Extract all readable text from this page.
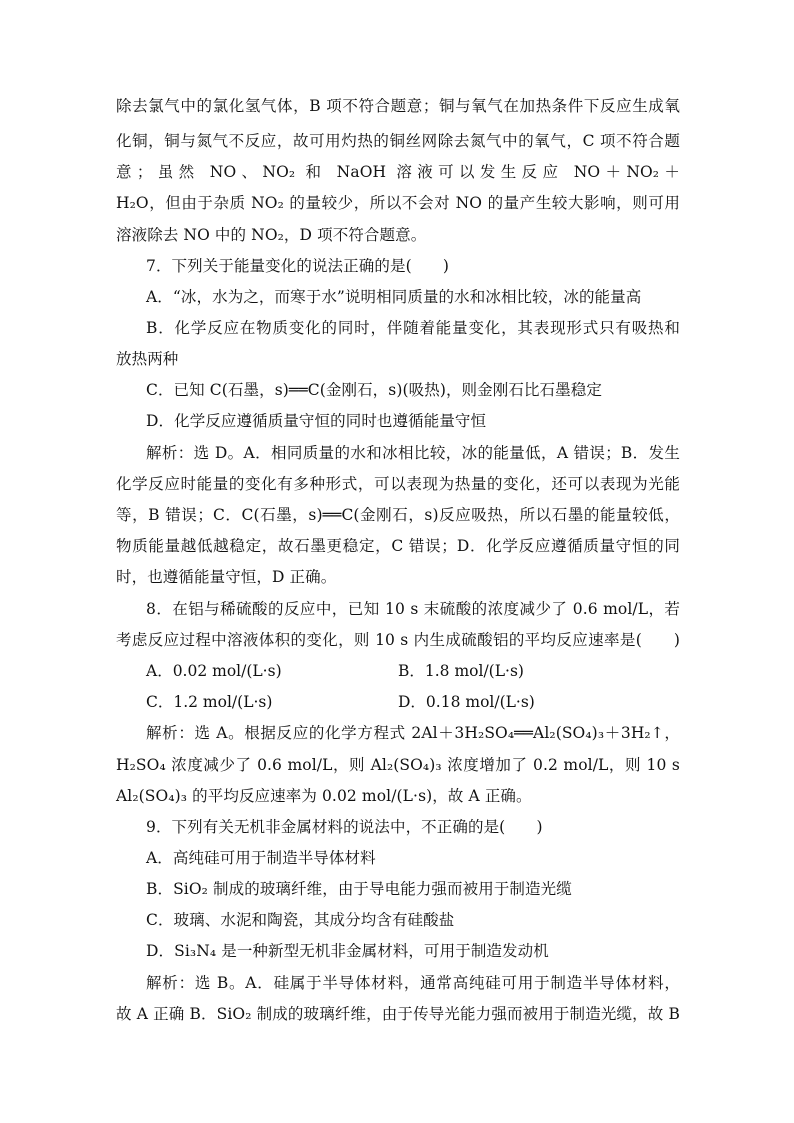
除去氯气中的氯化氢气体，B 项不符合题意；铜与氧气在加热条件下反应生成氧
化铜，铜与氮气不反应，故可用灼热的铜丝网除去氮气中的氧气，C 项不符合题
意；虽然 NO、NO₂ 和 NaOH 溶液可以发生反应 NO＋NO₂＋
H₂O，但由于杂质 NO₂ 的量较少，所以不会对 NO 的量产生较大影响，则可用
溶液除去 NO 中的 NO₂，D 项不符合题意。
7．下列关于能量变化的说法正确的是(　　)
A．“冰，水为之，而寒于水”说明相同质量的水和冰相比较，冰的能量高
B．化学反应在物质变化的同时，伴随着能量变化，其表现形式只有吸热和
放热两种
C．已知 C(石墨，s)══C(金刚石，s)(吸热)，则金刚石比石墨稳定
D．化学反应遵循质量守恒的同时也遵循能量守恒
解析：选 D。A．相同质量的水和冰相比较，冰的能量低，A 错误；B．发生
化学反应时能量的变化有多种形式，可以表现为热量的变化，还可以表现为光能
等，B 错误；C．C(石墨，s)══C(金刚石，s)反应吸热，所以石墨的能量较低，
物质能量越低越稳定，故石墨更稳定，C 错误；D．化学反应遵循质量守恒的同
时，也遵循能量守恒，D 正确。
8．在铝与稀硫酸的反应中，已知 10 s 末硫酸的浓度减少了 0.6 mol/L，若
考虑反应过程中溶液体积的变化，则 10 s 内生成硫酸铝的平均反应速率是(　　)
A．0.02 mol/(L·s)	B．1.8 mol/(L·s)
C．1.2 mol/(L·s)	D．0.18 mol/(L·s)
解析：选 A。根据反应的化学方程式 2Al＋3H₂SO₄══Al₂(SO₄)₃＋3H₂↑，
H₂SO₄ 浓度减少了 0.6 mol/L，则 Al₂(SO₄)₃ 浓度增加了 0.2 mol/L，则 10 s
Al₂(SO₄)₃ 的平均反应速率为 0.02 mol/(L·s)，故 A 正确。
9．下列有关无机非金属材料的说法中，不正确的是(　　)
A．高纯硅可用于制造半导体材料
B．SiO₂ 制成的玻璃纤维，由于导电能力强而被用于制造光缆
C．玻璃、水泥和陶瓷，其成分均含有硅酸盐
D．Si₃N₄ 是一种新型无机非金属材料，可用于制造发动机
解析：选 B。A．硅属于半导体材料，通常高纯硅可用于制造半导体材料，
故 A 正确 B．SiO₂ 制成的玻璃纤维，由于传导光能力强而被用于制造光缆，故 B
